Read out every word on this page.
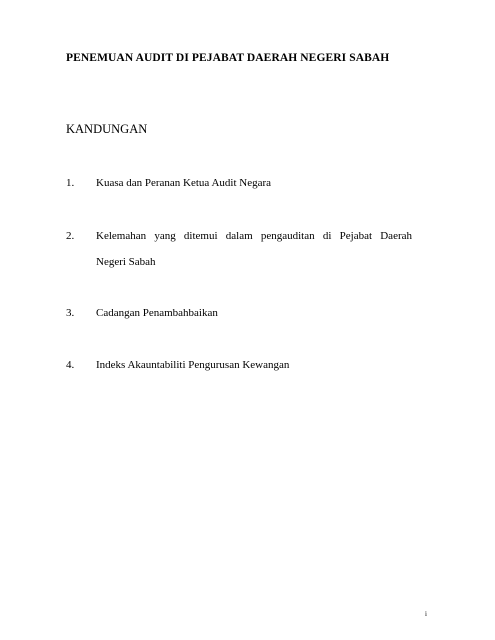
PENEMUAN AUDIT DI PEJABAT DAERAH NEGERI SABAH
KANDUNGAN
1. Kuasa dan Peranan Ketua Audit Negara
2. Kelemahan yang ditemui dalam pengauditan di Pejabat Daerah
Negeri Sabah
3. Cadangan Penambahbaikan
4. Indeks Akauntabiliti Pengurusan Kewangan
i
